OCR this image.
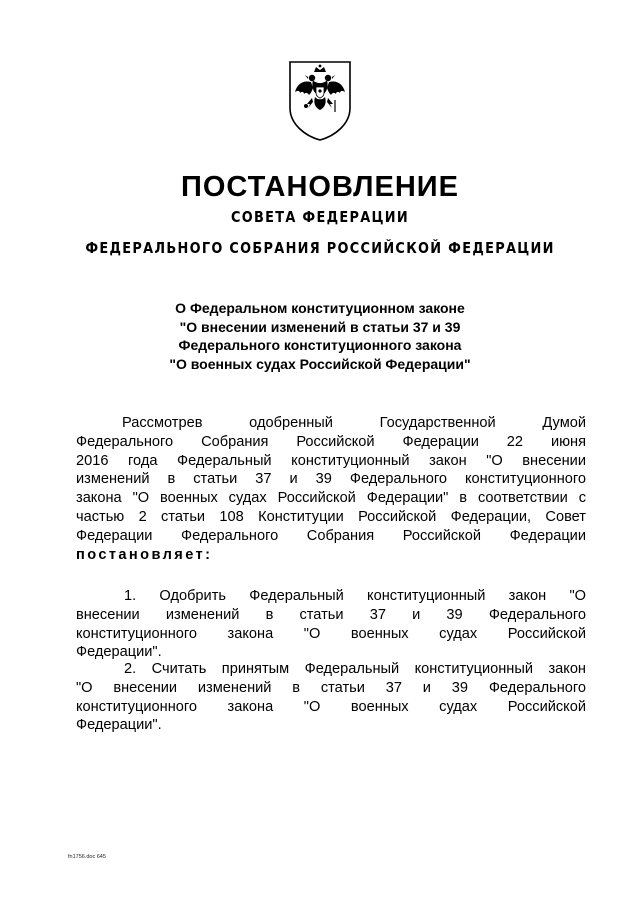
ПОСТАНОВЛЕНИЕ
СОВЕТА ФЕДЕРАЦИИ
ФЕДЕРАЛЬНОГО СОБРАНИЯ РОССИЙСКОЙ ФЕДЕРАЦИИ
О Федеральном конституционном законе
"О внесении изменений в статьи 37 и 39
Федерального конституционного закона
"О военных судах Российской Федерации"
Рассмотрев одобренный Государственной Думой
Федерального Собрания Российской Федерации 22 июня
2016 года Федеральный конституционный закон "О внесении
изменений в статьи 37 и 39 Федерального конституционного
закона "О военных судах Российской Федерации" в соответствии с
частью 2 статьи 108 Конституции Российской Федерации, Совет
Федерации Федерального Собрания Российской Федерации
постановляет:
1. Одобрить Федеральный конституционный закон "О
внесении изменений в статьи 37 и 39 Федерального
конституционного закона "О военных судах Российской
Федерации".
2. Считать принятым Федеральный конституционный закон
"О внесении изменений в статьи 37 и 39 Федерального
конституционного закона "О военных судах Российской
Федерации".
fn1756.doc 645
